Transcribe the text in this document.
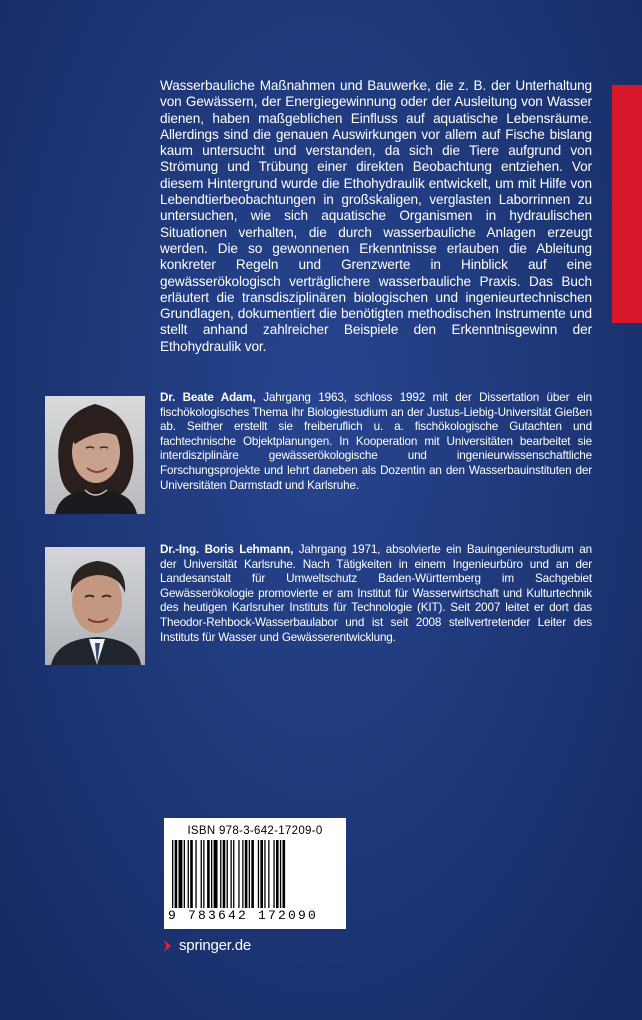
Wasserbauliche Maßnahmen und Bauwerke, die z. B. der Unterhaltung von Gewässern, der Energiegewinnung oder der Ausleitung von Wasser dienen, haben maßgeblichen Einfluss auf aquatische Lebensräume. Allerdings sind die genauen Auswirkungen vor allem auf Fische bislang kaum untersucht und verstanden, da sich die Tiere aufgrund von Strömung und Trübung einer direkten Beobachtung entziehen. Vor diesem Hintergrund wurde die Ethohydraulik entwickelt, um mit Hilfe von Lebendtierbeobachtungen in großskaligen, verglasten Laborrinnen zu untersuchen, wie sich aquatische Organismen in hydraulischen Situationen verhalten, die durch wasserbauliche Anlagen erzeugt werden. Die so gewonnenen Erkenntnisse erlauben die Ableitung konkreter Regeln und Grenzwerte in Hinblick auf eine gewässerökologisch verträglichere wasserbauliche Praxis. Das Buch erläutert die transdisziplinären biologischen und ingenieurtechnischen Grundlagen, dokumentiert die benötigten methodischen Instrumente und stellt anhand zahlreicher Beispiele den Erkenntnisgewinn der Ethohydraulik vor.
Dr. Beate Adam, Jahrgang 1963, schloss 1992 mit der Dissertation über ein fischökologisches Thema ihr Biologiestudium an der Justus-Liebig-Universität Gießen ab. Seither erstellt sie freiberuflich u. a. fischökologische Gutachten und fachtechnische Objektplanungen. In Kooperation mit Universitäten bearbeitet sie interdisziplinäre gewässerökologische und ingenieurwissenschaftliche Forschungsprojekte und lehrt daneben als Dozentin an den Wasserbauinstituten der Universitäten Darmstadt und Karlsruhe.
Dr.-Ing. Boris Lehmann, Jahrgang 1971, absolvierte ein Bauingenieurstudium an der Universität Karlsruhe. Nach Tätigkeiten in einem Ingenieurbüro und an der Landesanstalt für Umweltschutz Baden-Württemberg im Sachgebiet Gewässerökologie promovierte er am Institut für Wasserwirtschaft und Kulturtechnik des heutigen Karlsruher Instituts für Technologie (KIT). Seit 2007 leitet er dort das Theodor-Rehbock-Wasserbaulabor und ist seit 2008 stellvertretender Leiter des Instituts für Wasser und Gewässerentwicklung.
ISBN 978-3-642-17209-0
9 783642 172090
springer.de
